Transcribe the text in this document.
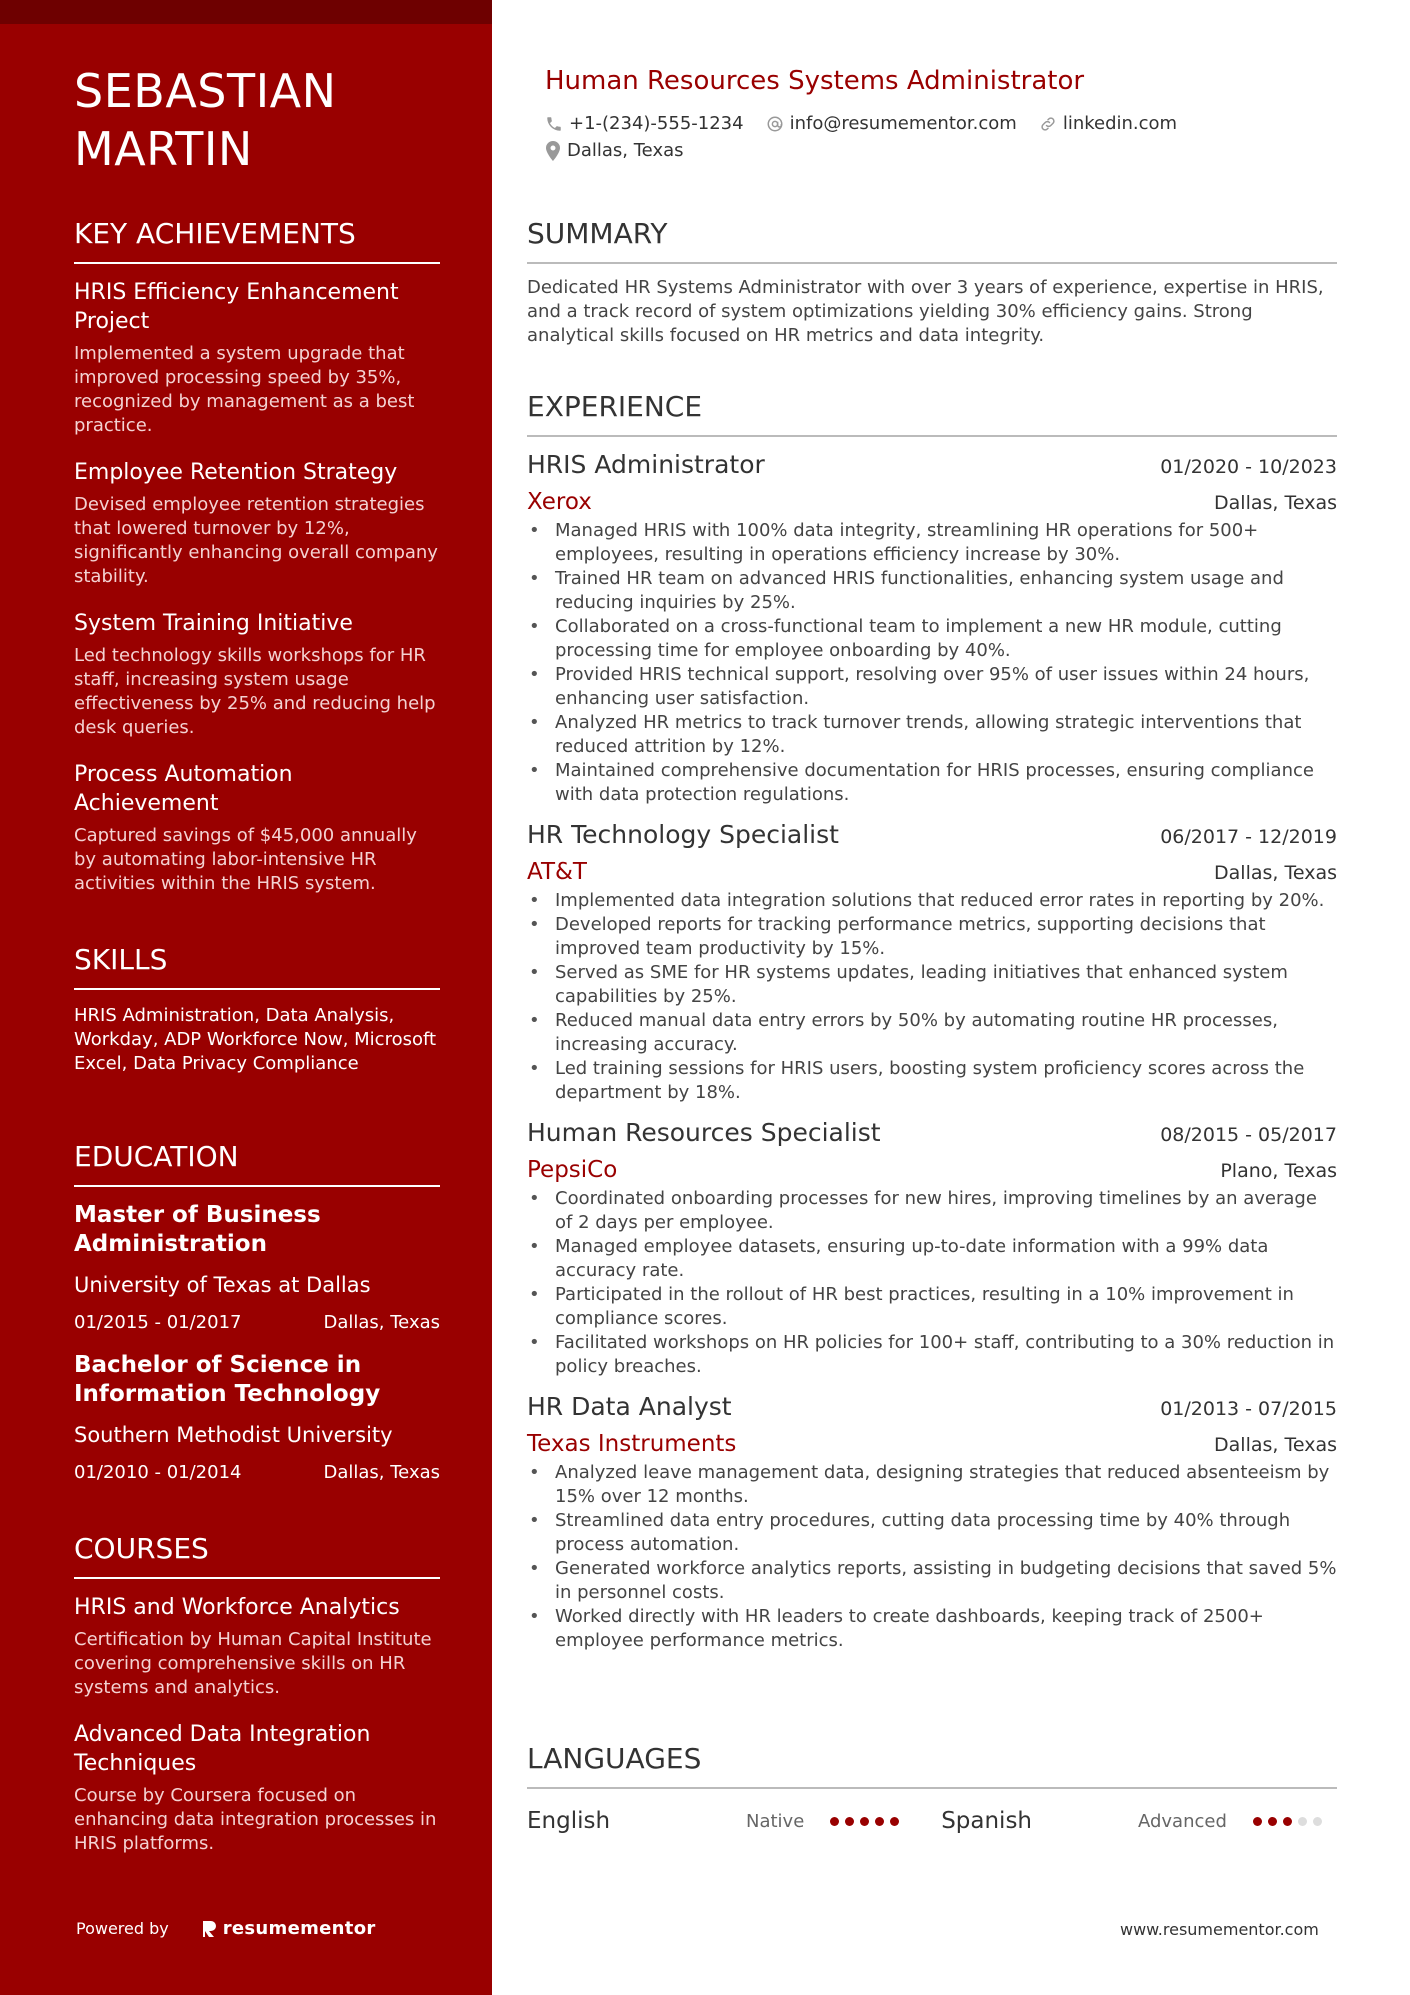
SEBASTIAN MARTIN
KEY ACHIEVEMENTS
HRIS Efficiency Enhancement Project
Implemented a system upgrade that improved processing speed by 35%, recognized by management as a best practice.
Employee Retention Strategy
Devised employee retention strategies that lowered turnover by 12%, significantly enhancing overall company stability.
System Training Initiative
Led technology skills workshops for HR staff, increasing system usage effectiveness by 25% and reducing help desk queries.
Process Automation Achievement
Captured savings of $45,000 annually by automating labor-intensive HR activities within the HRIS system.
SKILLS
HRIS Administration, Data Analysis, Workday, ADP Workforce Now, Microsoft Excel, Data Privacy Compliance
EDUCATION
Master of Business Administration
University of Texas at Dallas
01/2015 - 01/2017	Dallas, Texas
Bachelor of Science in Information Technology
Southern Methodist University
01/2010 - 01/2014	Dallas, Texas
COURSES
HRIS and Workforce Analytics
Certification by Human Capital Institute covering comprehensive skills on HR systems and analytics.
Advanced Data Integration Techniques
Course by Coursera focused on enhancing data integration processes in HRIS platforms.
Powered by	resumementor
Human Resources Systems Administrator
+1-(234)-555-1234	info@resumementor.com	linkedin.com
Dallas, Texas
SUMMARY
Dedicated HR Systems Administrator with over 3 years of experience, expertise in HRIS, and a track record of system optimizations yielding 30% efficiency gains. Strong analytical skills focused on HR metrics and data integrity.
EXPERIENCE
HRIS Administrator	01/2020 - 10/2023
Xerox	Dallas, Texas
• Managed HRIS with 100% data integrity, streamlining HR operations for 500+ employees, resulting in operations efficiency increase by 30%.
• Trained HR team on advanced HRIS functionalities, enhancing system usage and reducing inquiries by 25%.
• Collaborated on a cross-functional team to implement a new HR module, cutting processing time for employee onboarding by 40%.
• Provided HRIS technical support, resolving over 95% of user issues within 24 hours, enhancing user satisfaction.
• Analyzed HR metrics to track turnover trends, allowing strategic interventions that reduced attrition by 12%.
• Maintained comprehensive documentation for HRIS processes, ensuring compliance with data protection regulations.
HR Technology Specialist	06/2017 - 12/2019
AT&T	Dallas, Texas
• Implemented data integration solutions that reduced error rates in reporting by 20%.
• Developed reports for tracking performance metrics, supporting decisions that improved team productivity by 15%.
• Served as SME for HR systems updates, leading initiatives that enhanced system capabilities by 25%.
• Reduced manual data entry errors by 50% by automating routine HR processes, increasing accuracy.
• Led training sessions for HRIS users, boosting system proficiency scores across the department by 18%.
Human Resources Specialist	08/2015 - 05/2017
PepsiCo	Plano, Texas
• Coordinated onboarding processes for new hires, improving timelines by an average of 2 days per employee.
• Managed employee datasets, ensuring up-to-date information with a 99% data accuracy rate.
• Participated in the rollout of HR best practices, resulting in a 10% improvement in compliance scores.
• Facilitated workshops on HR policies for 100+ staff, contributing to a 30% reduction in policy breaches.
HR Data Analyst	01/2013 - 07/2015
Texas Instruments	Dallas, Texas
• Analyzed leave management data, designing strategies that reduced absenteeism by 15% over 12 months.
• Streamlined data entry procedures, cutting data processing time by 40% through process automation.
• Generated workforce analytics reports, assisting in budgeting decisions that saved 5% in personnel costs.
• Worked directly with HR leaders to create dashboards, keeping track of 2500+ employee performance metrics.
LANGUAGES
English	Native	Spanish	Advanced
www.resumementor.com
